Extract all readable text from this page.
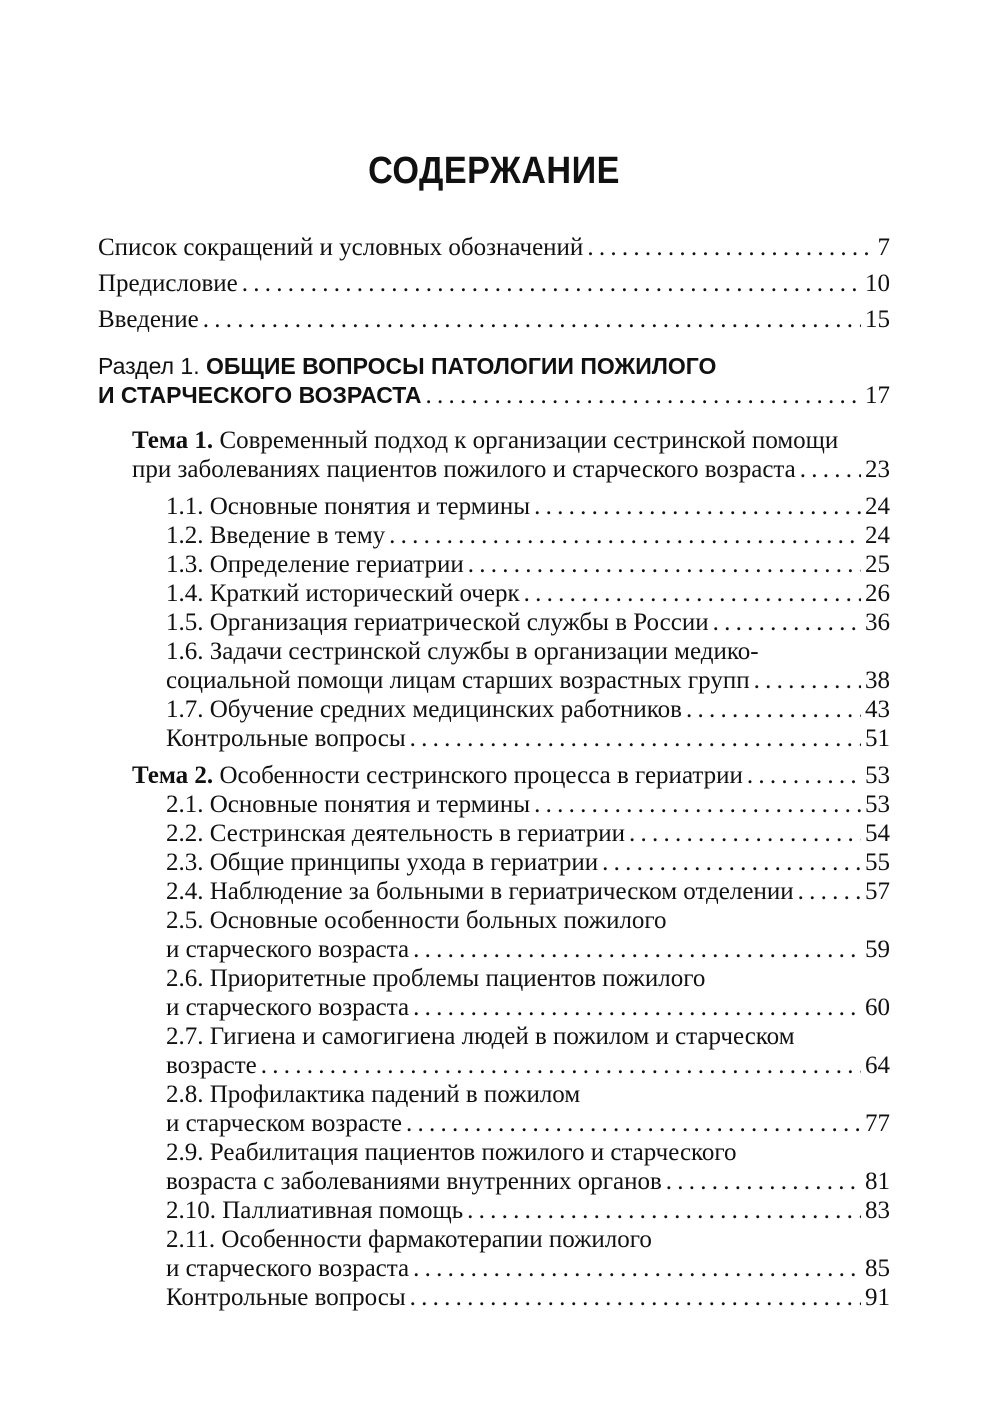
СОДЕРЖАНИЕ
Список сокращений и условных обозначений . . .	7
Предисловие . . .	10
Введение . . .	15
Раздел 1. ОБЩИЕ ВОПРОСЫ ПАТОЛОГИИ ПОЖИЛОГО
И СТАРЧЕСКОГО ВОЗРАСТА . . .	17
Тема 1. Современный подход к организации сестринской помощи
при заболеваниях пациентов пожилого и старческого возраста . . .	23
1.1. Основные понятия и термины . . .	24
1.2. Введение в тему . . .	24
1.3. Определение гериатрии . . .	25
1.4. Краткий исторический очерк . . .	26
1.5. Организация гериатрической службы в России . . .	36
1.6. Задачи сестринской службы в организации медико-
социальной помощи лицам старших возрастных групп . . .	38
1.7. Обучение средних медицинских работников . . .	43
Контрольные вопросы . . .	51
Тема 2. Особенности сестринского процесса в гериатрии . . .	53
2.1. Основные понятия и термины . . .	53
2.2. Сестринская деятельность в гериатрии . . .	54
2.3. Общие принципы ухода в гериатрии . . .	55
2.4. Наблюдение за больными в гериатрическом отделении . . .	57
2.5. Основные особенности больных пожилого
и старческого возраста . . .	59
2.6. Приоритетные проблемы пациентов пожилого
и старческого возраста . . .	60
2.7. Гигиена и самогигиена людей в пожилом и старческом
возрасте . . .	64
2.8. Профилактика падений в пожилом
и старческом возрасте . . .	77
2.9. Реабилитация пациентов пожилого и старческого
возраста с заболеваниями внутренних органов . . .	81
2.10. Паллиативная помощь . . .	83
2.11. Особенности фармакотерапии пожилого
и старческого возраста . . .	85
Контрольные вопросы . . .	91
